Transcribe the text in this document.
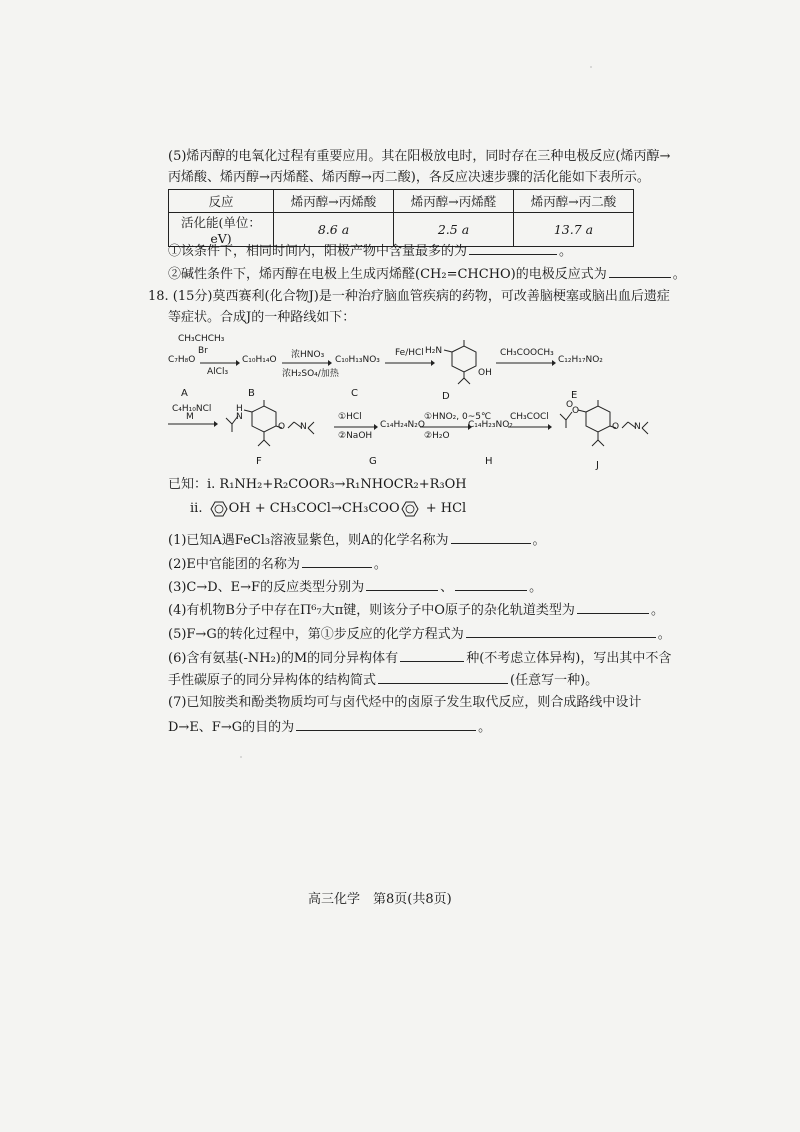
(5)烯丙醇的电氧化过程有重要应用。其在阳极放电时，同时存在三种电极反应(烯丙醇→
丙烯酸、烯丙醇→丙烯醛、烯丙醇→丙二酸)，各反应决速步骤的活化能如下表所示。
反应	烯丙醇→丙烯酸	烯丙醇→丙烯醛	烯丙醇→丙二酸
活化能(单位：eV)	8.6 a	2.5 a	13.7 a
①该条件下，相同时间内，阳极产物中含量最多的为	。
②碱性条件下，烯丙醇在电极上生成丙烯醛(CH₂=CHCHO)的电极反应式为	。
18. (15分)莫西赛利(化合物J)是一种治疗脑血管疾病的药物，可改善脑梗塞或脑出血后遗症
等症状。合成J的一种路线如下：
CH₃CHCH₃
Br
C₇H₈O →
AlCl₃
C₁₀H₁₄O 浓HNO₃
浓H₂SO₄/加热
C₁₀H₁₃NO₃
Fe/HCl H₂N
OH
CH₃COOCH₃
→ C₁₂H₁₇NO₂
A	B	C	D	E
C₄H₁₀NCl
M
H
N
O N
①HCl
②NaOH
C₁₄H₂₄N₂O
①HNO₂, 0~5℃
②H₂O
C₁₄H₂₃NO₂
CH₃COCl
O
O
O N
F	G	H	J
已知：i. R₁NH₂+R₂COOR₃→R₁NHOCR₂+R₃OH
ii. OH + CH₃COCl→CH₃COO + HCl
(1)已知A遇FeCl₃溶液显紫色，则A的化学名称为	。
(2)E中官能团的名称为	。
(3)C→D、E→F的反应类型分别为	、	。
(4)有机物B分子中存在Π⁶₇大π键，则该分子中O原子的杂化轨道类型为	。
(5)F→G的转化过程中，第①步反应的化学方程式为	。
(6)含有氨基(-NH₂)的M的同分异构体有	种(不考虑立体异构)，写出其中不含
手性碳原子的同分异构体的结构简式	(任意写一种)。
(7)已知胺类和酚类物质均可与卤代烃中的卤原子发生取代反应，则合成路线中设计
D→E、F→G的目的为	。
高三化学　第8页(共8页)
